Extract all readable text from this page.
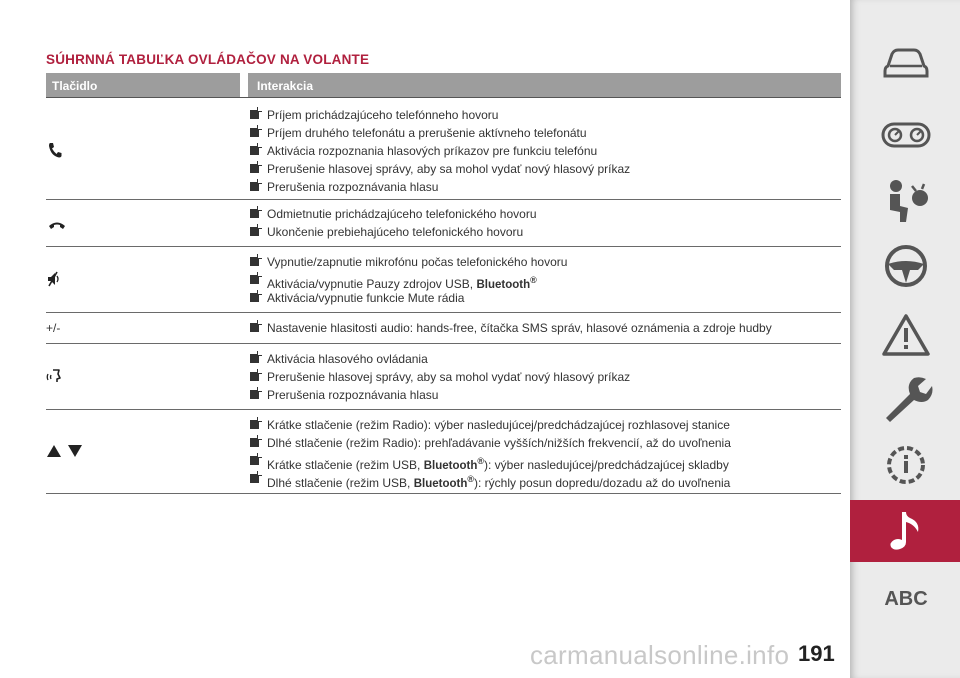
SÚHRNNÁ TABUĽKA OVLÁDAČOV NA VOLANTE
Tlačidlo	Interakcia
Príjem prichádzajúceho telefónneho hovoru
Príjem druhého telefonátu a prerušenie aktívneho telefonátu
Aktivácia rozpoznania hlasových príkazov pre funkciu telefónu
Prerušenie hlasovej správy, aby sa mohol vydať nový hlasový príkaz
Prerušenia rozpoznávania hlasu
Odmietnutie prichádzajúceho telefonického hovoru
Ukončenie prebiehajúceho telefonického hovoru
Vypnutie/zapnutie mikrofónu počas telefonického hovoru
Aktivácia/vypnutie Pauzy zdrojov USB, Bluetooth®
Aktivácia/vypnutie funkcie Mute rádia
+/-	Nastavenie hlasitosti audio: hands-free, čítačka SMS správ, hlasové oznámenia a zdroje hudby
Aktivácia hlasového ovládania
Prerušenie hlasovej správy, aby sa mohol vydať nový hlasový príkaz
Prerušenia rozpoznávania hlasu
Krátke stlačenie (režim Radio): výber nasledujúcej/predchádzajúcej rozhlasovej stanice
Dlhé stlačenie (režim Radio): prehľadávanie vyšších/nižších frekvencií, až do uvoľnenia
Krátke stlačenie (režim USB, Bluetooth®): výber nasledujúcej/predchádzajúcej skladby
Dlhé stlačenie (režim USB, Bluetooth®): rýchly posun dopredu/dozadu až do uvoľnenia
carmanualsonline.info 191
ABC
